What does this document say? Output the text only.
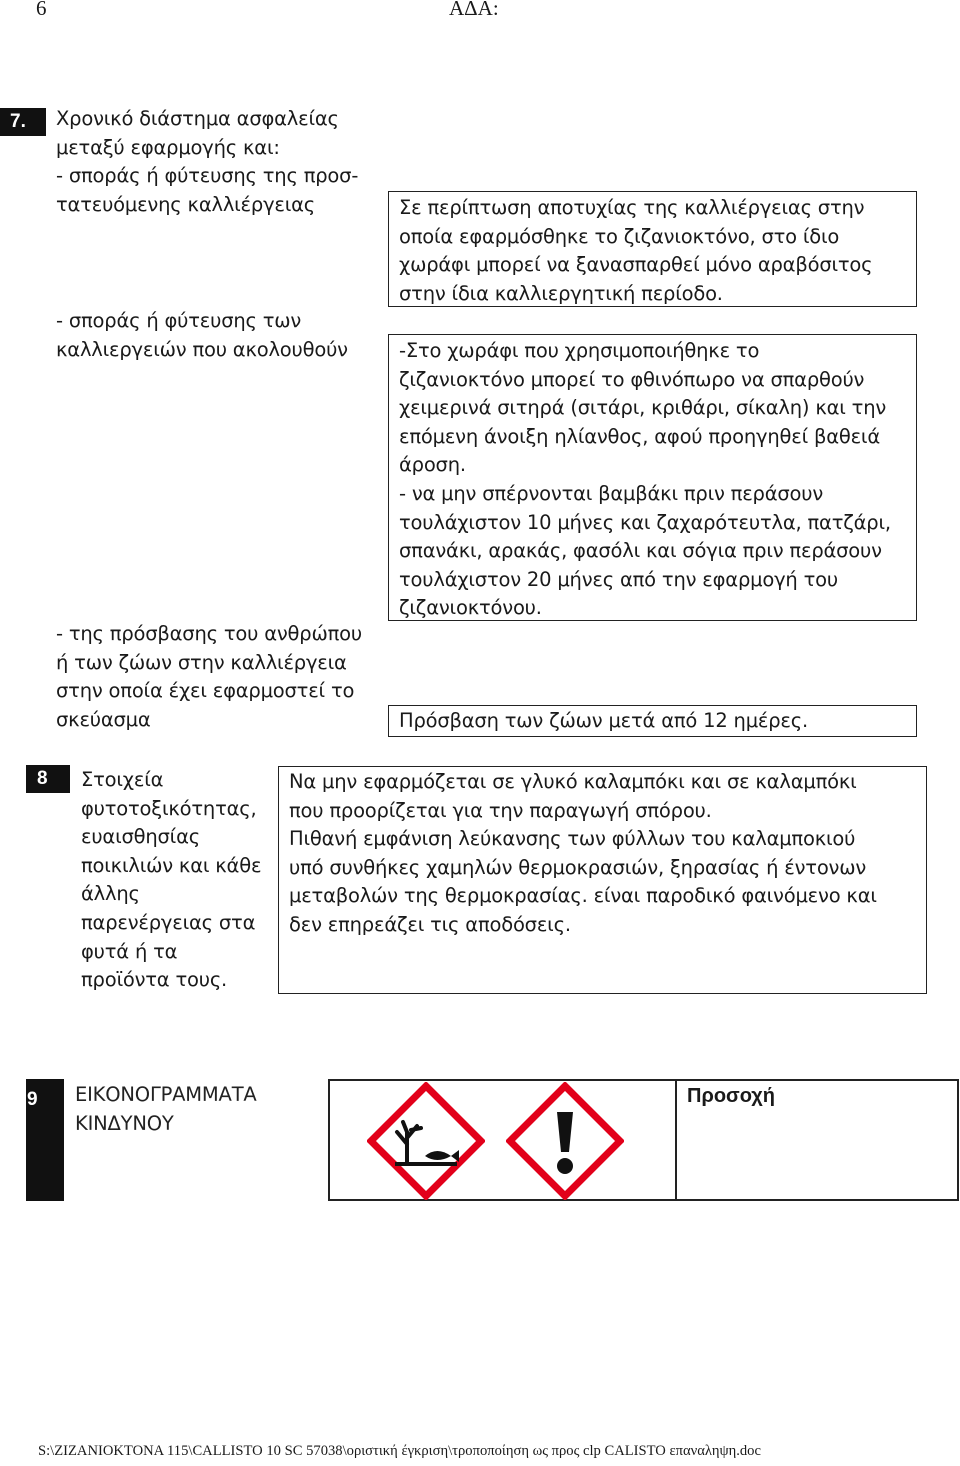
6	ΑΔΑ:
7. Χρονικό διάστημα ασφαλείας
μεταξύ εφαρμογής και:
- σποράς ή φύτευσης της προσ-
τατευόμενης καλλιέργειας
- σποράς ή φύτευσης των
καλλιεργειών που ακολουθούν
- της πρόσβασης του ανθρώπου
ή των ζώων στην καλλιέργεια
στην οποία έχει εφαρμοστεί το
σκεύασμα
Σε περίπτωση αποτυχίας της καλλιέργειας στην
οποία εφαρμόσθηκε το ζιζανιοκτόνο, στο ίδιο
χωράφι μπορεί να ξανασπαρθεί μόνο αραβόσιτος
στην ίδια καλλιεργητική περίοδο.
-Στο χωράφι που χρησιμοποιήθηκε το
ζιζανιοκτόνο μπορεί το φθινόπωρο να σπαρθούν
χειμερινά σιτηρά (σιτάρι, κριθάρι, σίκαλη) και την
επόμενη άνοιξη ηλίανθος, αφού προηγηθεί βαθειά
άροση.
- να μην σπέρνονται βαμβάκι πριν περάσουν
τουλάχιστον 10 μήνες και ζαχαρότευτλα, πατζάρι,
σπανάκι, αρακάς, φασόλι και σόγια πριν περάσουν
τουλάχιστον 20 μήνες από την εφαρμογή του
ζιζανιοκτόνου.
Πρόσβαση των ζώων μετά από 12 ημέρες.
8 Στοιχεία
φυτοτοξικότητας,
ευαισθησίας
ποικιλιών και κάθε
άλλης
παρενέργειας στα
φυτά ή τα
προϊόντα τους.
Να μην εφαρμόζεται σε γλυκό καλαμπόκι και σε καλαμπόκι
που προορίζεται για την παραγωγή σπόρου.
Πιθανή εμφάνιση λεύκανσης των φύλλων του καλαμποκιού
υπό συνθήκες χαμηλών θερμοκρασιών, ξηρασίας ή έντονων
μεταβολών της θερμοκρασίας. είναι παροδικό φαινόμενο και
δεν επηρεάζει τις αποδόσεις.
9 ΕΙΚΟΝΟΓΡΑΜΜΑΤΑ
ΚΙΝΔΥΝΟΥ
Προσοχή
S:\ZIZANIOKTONA 115\CALLISTO 10 SC 57038\οριστική έγκριση\τροποποίηση ως προς clp CALISTO επαναληψη.doc
